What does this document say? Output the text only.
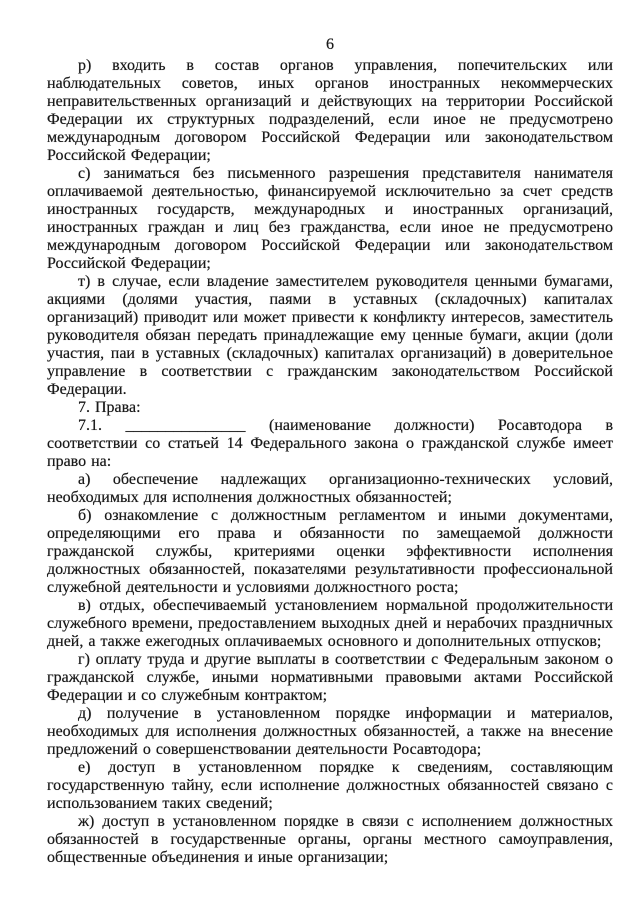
6

р) входить в состав органов управления, попечительских или наблюдательных советов, иных органов иностранных некоммерческих неправительственных организаций и действующих на территории Российской Федерации их структурных подразделений, если иное не предусмотрено международным договором Российской Федерации или законодательством Российской Федерации;

с) заниматься без письменного разрешения представителя нанимателя оплачиваемой деятельностью, финансируемой исключительно за счет средств иностранных государств, международных и иностранных организаций, иностранных граждан и лиц без гражданства, если иное не предусмотрено международным договором Российской Федерации или законодательством Российской Федерации;

т) в случае, если владение заместителем руководителя ценными бумагами, акциями (долями участия, паями в уставных (складочных) капиталах организаций) приводит или может привести к конфликту интересов, заместитель руководителя обязан передать принадлежащие ему ценные бумаги, акции (доли участия, паи в уставных (складочных) капиталах организаций) в доверительное управление в соответствии с гражданским законодательством Российской Федерации.

7. Права:

7.1. _______________ (наименование должности) Росавтодора в соответствии со статьей 14 Федерального закона о гражданской службе имеет право на:

а) обеспечение надлежащих организационно-технических условий, необходимых для исполнения должностных обязанностей;

б) ознакомление с должностным регламентом и иными документами, определяющими его права и обязанности по замещаемой должности гражданской службы, критериями оценки эффективности исполнения должностных обязанностей, показателями результативности профессиональной служебной деятельности и условиями должностного роста;

в) отдых, обеспечиваемый установлением нормальной продолжительности служебного времени, предоставлением выходных дней и нерабочих праздничных дней, а также ежегодных оплачиваемых основного и дополнительных отпусков;

г) оплату труда и другие выплаты в соответствии с Федеральным законом о гражданской службе, иными нормативными правовыми актами Российской Федерации и со служебным контрактом;

д) получение в установленном порядке информации и материалов, необходимых для исполнения должностных обязанностей, а также на внесение предложений о совершенствовании деятельности Росавтодора;

е) доступ в установленном порядке к сведениям, составляющим государственную тайну, если исполнение должностных обязанностей связано с использованием таких сведений;

ж) доступ в установленном порядке в связи с исполнением должностных обязанностей в государственные органы, органы местного самоуправления, общественные объединения и иные организации;
